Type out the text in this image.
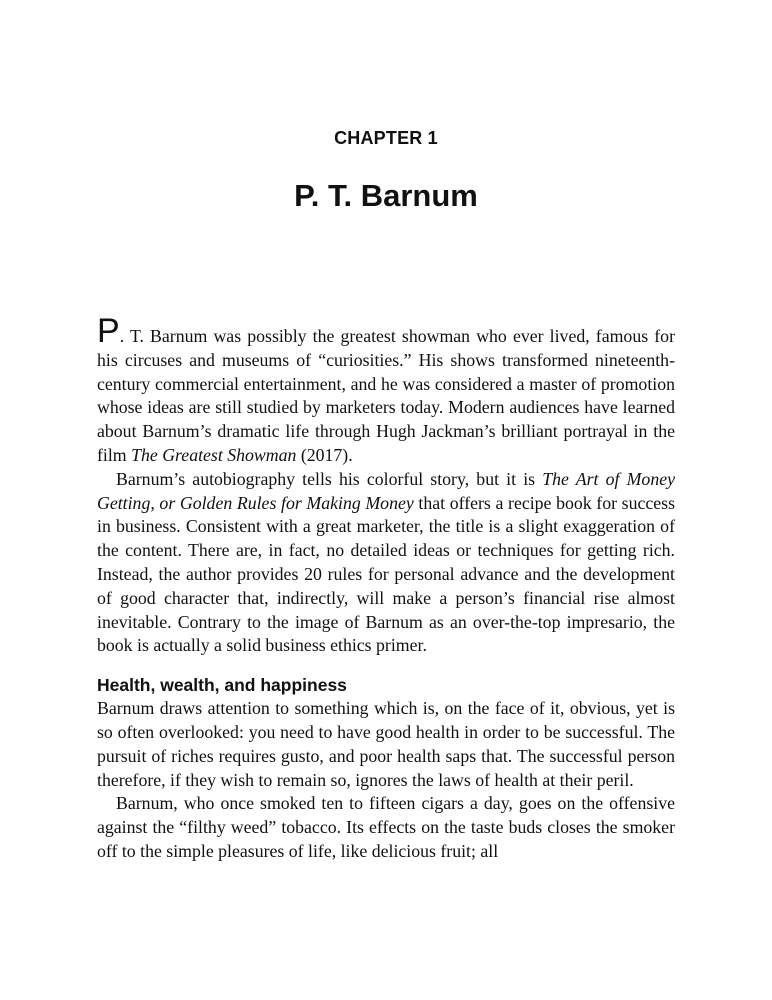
CHAPTER 1
P. T. Barnum

P. T. Barnum was possibly the greatest showman who ever lived, famous for his circuses and museums of “curiosities.” His shows transformed nineteenth-century commercial entertainment, and he was considered a master of promotion whose ideas are still studied by marketers today. Modern audiences have learned about Barnum’s dramatic life through Hugh Jackman’s brilliant portrayal in the film The Greatest Showman (2017).

Barnum’s autobiography tells his colorful story, but it is The Art of Money Getting, or Golden Rules for Making Money that offers a recipe book for success in business. Consistent with a great marketer, the title is a slight exaggeration of the content. There are, in fact, no detailed ideas or techniques for getting rich. Instead, the author provides 20 rules for personal advance and the development of good character that, indirectly, will make a person’s financial rise almost inevitable. Contrary to the image of Barnum as an over-the-top impresario, the book is actually a solid business ethics primer.

Health, wealth, and happiness

Barnum draws attention to something which is, on the face of it, obvious, yet is so often overlooked: you need to have good health in order to be successful. The pursuit of riches requires gusto, and poor health saps that. The successful person therefore, if they wish to remain so, ignores the laws of health at their peril.

Barnum, who once smoked ten to fifteen cigars a day, goes on the offensive against the “filthy weed” tobacco. Its effects on the taste buds closes the smoker off to the simple pleasures of life, like delicious fruit; all
